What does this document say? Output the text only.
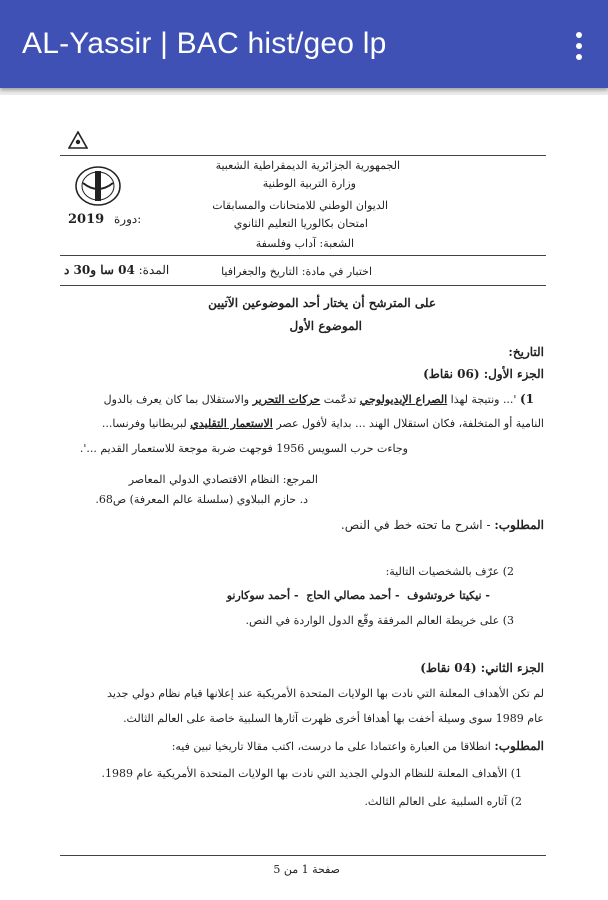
AL-Yassir | BAC hist/geo lp
الجمهورية الجزائرية الديمقراطية الشعبية
وزارة التربية الوطنية
الديوان الوطني للامتحانات والمسابقات
امتحان بكالوريا التعليم الثانوي
الشعبة: آداب وفلسفة
2019 دورة:
اختبار في مادة: التاريخ والجغرافيا
المدة: 04 سا و30 د
على المترشح أن يختار أحد الموضوعين الآتيين
الموضوع الأول
التاريخ:
الجزء الأول: (06 نقاط)
1) '... ونتيجة لهذا الصراع الإيديولوجي تدعّمت حركات التحرير والاستقلال بما كان يعرف بالدول
النامية أو المتخلفة، فكان استقلال الهند ... بداية لأفول عصر الاستعمار التقليدي لبريطانيا وفرنسا...
وجاءت حرب السويس 1956 فوجهت ضربة موجعة للاستعمار القديم ...'.
المرجع: النظام الاقتصادي الدولي المعاصر
د. حازم الببلاوي (سلسلة عالم المعرفة) ص68.
المطلوب: - اشرح ما تحته خط في النص.
2) عرّف بالشخصيات التالية:
- نيكيتا خروتشوف  - أحمد مصالي الحاج  - أحمد سوكارنو
3) على خريطة العالم المرفقة وقّع الدول الواردة في النص.
الجزء الثاني: (04 نقاط)
لم تكن الأهداف المعلنة التي نادت بها الولايات المتحدة الأمريكية عند إعلانها قيام نظام دولي جديد
عام 1989 سوى وسيلة أخفت بها أهدافا أخرى ظهرت آثارها السلبية خاصة على العالم الثالث.
المطلوب: انطلاقا من العبارة واعتمادا على ما درست، اكتب مقالا تاريخيا تبين فيه:
1) الأهداف المعلنة للنظام الدولي الجديد التي نادت بها الولايات المتحدة الأمريكية عام 1989.
2) آثاره السلبية على العالم الثالث.
صفحة 1 من 5
